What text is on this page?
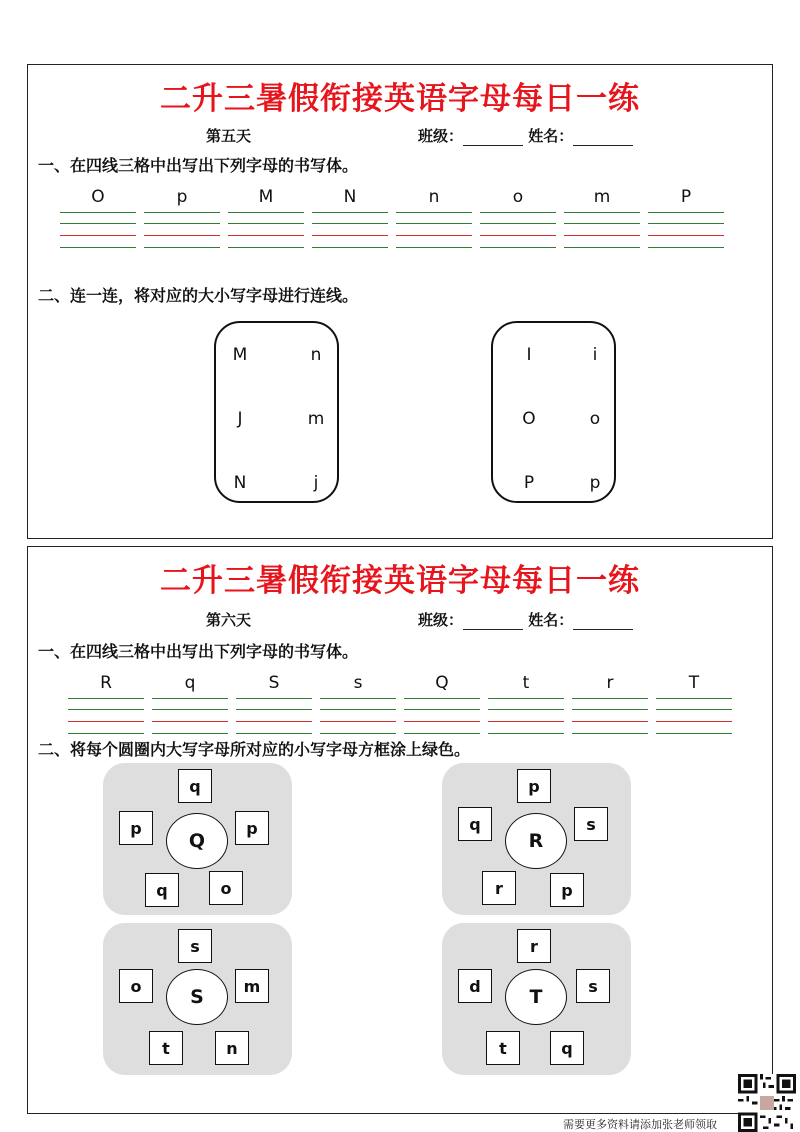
二升三暑假衔接英语字母每日一练
第五天	班级：	姓名：
一、在四线三格中出写出下列字母的书写体。
O	p	M	N	n	o	m	P
二、连一连，将对应的大小写字母进行连线。
M
J
N
n
m
j
I
O
P
i
o
p
二升三暑假衔接英语字母每日一练
第六天	班级：	姓名：
一、在四线三格中出写出下列字母的书写体。
R	q	S	s	Q	t	r	T
二、将每个圆圈内大写字母所对应的小写字母方框涂上绿色。
Q
q
p	p
q	o
R
p
q	s
r	p
S
s
o	m
t	n
T
r
d	s
t	q
需要更多资料请添加张老师领取
